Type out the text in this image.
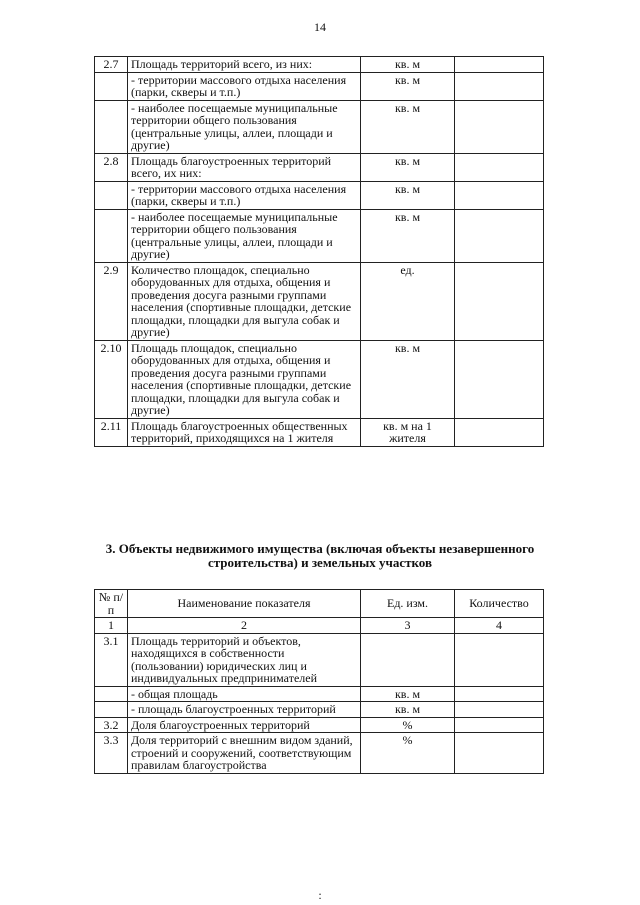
14
2.7	Площадь территорий всего, из них:	кв. м	
	- территории массового отдыха населения (парки, скверы и т.п.)	кв. м	
	- наиболее посещаемые муниципальные территории общего пользования (центральные улицы, аллеи, площади и другие)	кв. м	
2.8	Площадь благоустроенных территорий всего, их них:	кв. м	
	- территории массового отдыха населения (парки, скверы и т.п.)	кв. м	
	- наиболее посещаемые муниципальные территории общего пользования (центральные улицы, аллеи, площади и другие)	кв. м	
2.9	Количество площадок, специально оборудованных для отдыха, общения и проведения досуга разными группами населения (спортивные площадки, детские площадки, площадки для выгула собак и другие)	ед.	
2.10	Площадь площадок, специально оборудованных для отдыха, общения и проведения досуга разными группами населения (спортивные площадки, детские площадки, площадки для выгула собак и другие)	кв. м	
2.11	Площадь благоустроенных общественных территорий, приходящихся на 1 жителя	кв. м на 1 жителя	
3. Объекты недвижимого имущества (включая объекты незавершенного строительства) и земельных участков
№ п/п	Наименование показателя	Ед. изм.	Количество
1	2	3	4
3.1	Площадь территорий и объектов, находящихся в собственности (пользовании) юридических лиц и индивидуальных предпринимателей		
	- общая площадь	кв. м	
	- площадь благоустроенных территорий	кв. м	
3.2	Доля благоустроенных территорий	%	
3.3	Доля территорий с внешним видом зданий, строений и сооружений, соответствующим правилам благоустройства	%	
:
